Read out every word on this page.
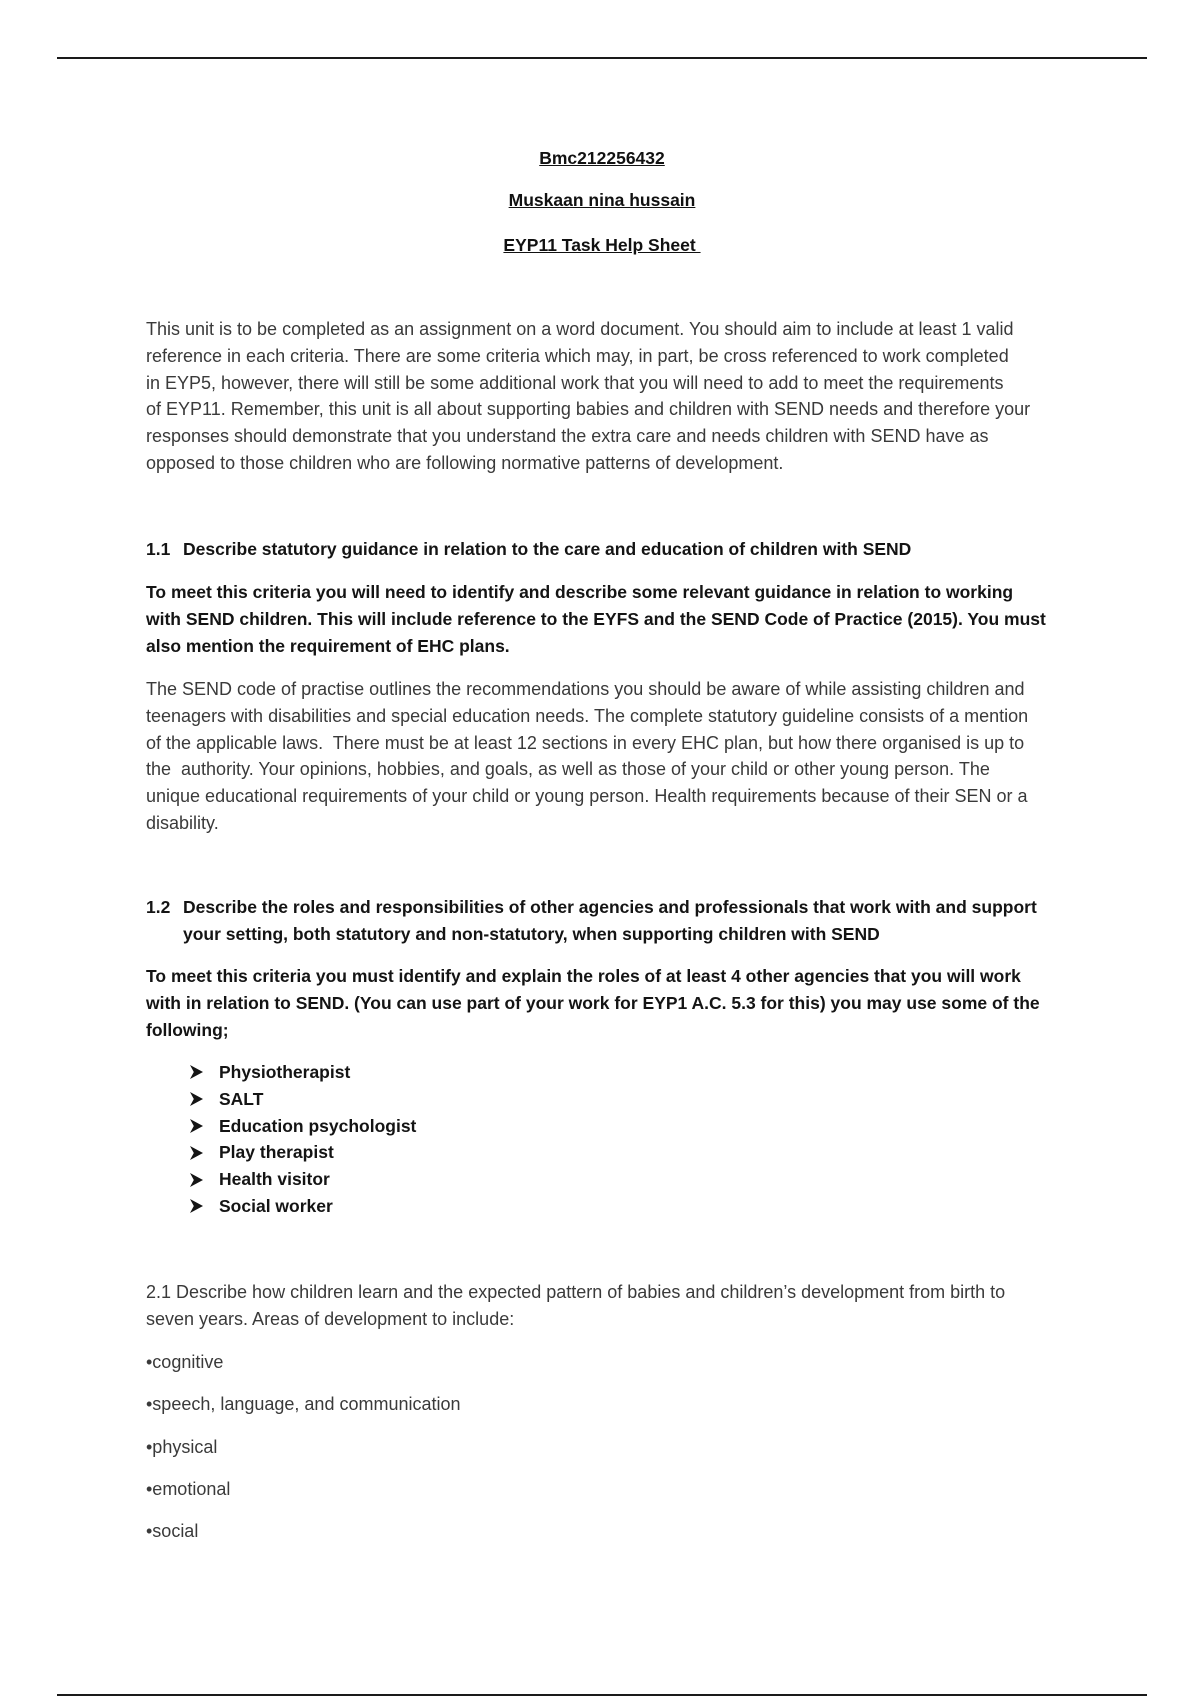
Bmc212256432
Muskaan nina hussain
EYP11 Task Help Sheet
This unit is to be completed as an assignment on a word document. You should aim to include at least 1 valid
reference in each criteria. There are some criteria which may, in part, be cross referenced to work completed
in EYP5, however, there will still be some additional work that you will need to add to meet the requirements
of EYP11. Remember, this unit is all about supporting babies and children with SEND needs and therefore your
responses should demonstrate that you understand the extra care and needs children with SEND have as
opposed to those children who are following normative patterns of development.
1.1 Describe statutory guidance in relation to the care and education of children with SEND
To meet this criteria you will need to identify and describe some relevant guidance in relation to working
with SEND children. This will include reference to the EYFS and the SEND Code of Practice (2015). You must
also mention the requirement of EHC plans.
The SEND code of practise outlines the recommendations you should be aware of while assisting children and
teenagers with disabilities and special education needs. The complete statutory guideline consists of a mention
of the applicable laws.  There must be at least 12 sections in every EHC plan, but how there organised is up to
the  authority. Your opinions, hobbies, and goals, as well as those of your child or other young person. The
unique educational requirements of your child or young person. Health requirements because of their SEN or a
disability.
1.2 Describe the roles and responsibilities of other agencies and professionals that work with and support
your setting, both statutory and non-statutory, when supporting children with SEND
To meet this criteria you must identify and explain the roles of at least 4 other agencies that you will work
with in relation to SEND. (You can use part of your work for EYP1 A.C. 5.3 for this) you may use some of the
following;
Physiotherapist
SALT
Education psychologist
Play therapist
Health visitor
Social worker
2.1 Describe how children learn and the expected pattern of babies and children’s development from birth to
seven years. Areas of development to include:
•cognitive
•speech, language, and communication
•physical
•emotional
•social
